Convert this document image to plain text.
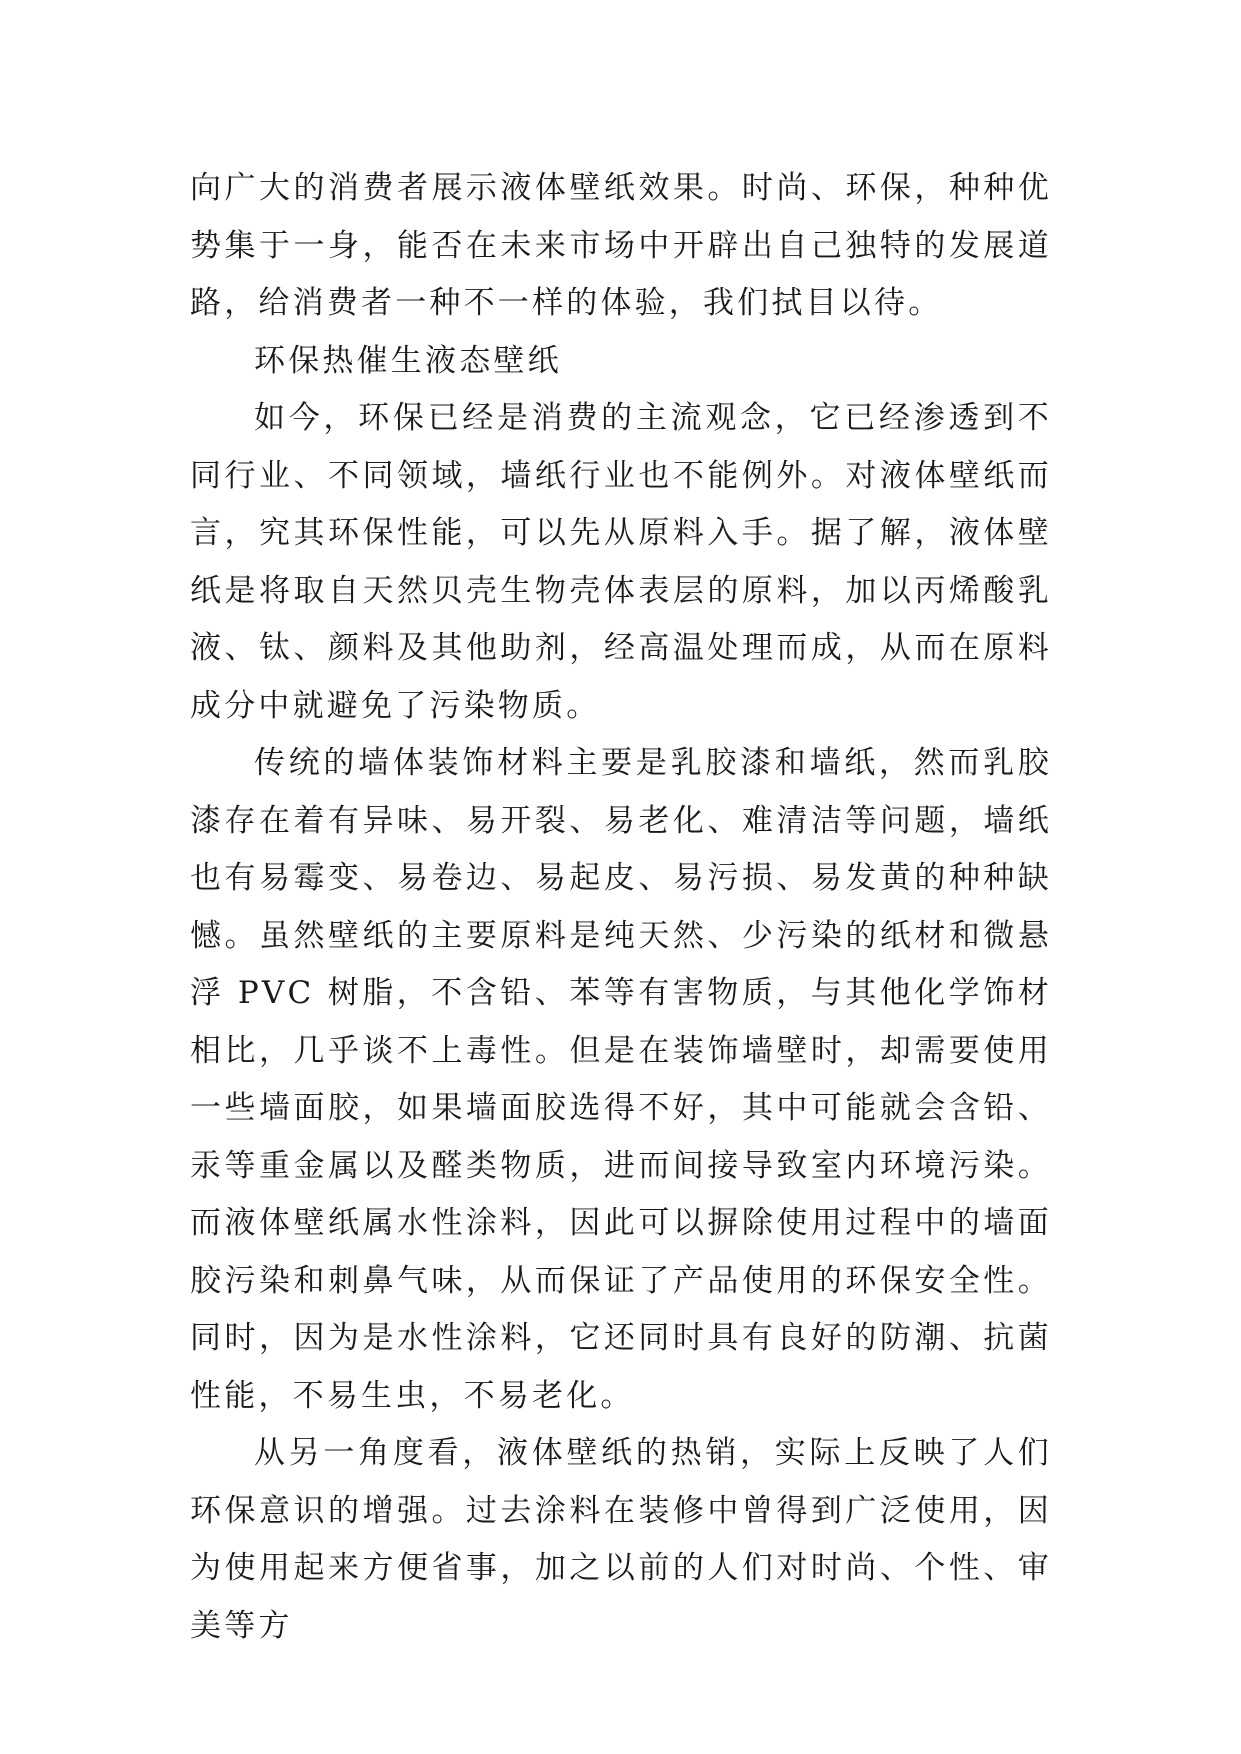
向广大的消费者展示液体壁纸效果。时尚、环保，种种优势集于一身，能否在未来市场中开辟出自己独特的发展道路，给消费者一种不一样的体验，我们拭目以待。

环保热催生液态壁纸

如今，环保已经是消费的主流观念，它已经渗透到不同行业、不同领域，墙纸行业也不能例外。对液体壁纸而言，究其环保性能，可以先从原料入手。据了解，液体壁纸是将取自天然贝壳生物壳体表层的原料，加以丙烯酸乳液、钛、颜料及其他助剂，经高温处理而成，从而在原料成分中就避免了污染物质。

传统的墙体装饰材料主要是乳胶漆和墙纸，然而乳胶漆存在着有异味、易开裂、易老化、难清洁等问题，墙纸也有易霉变、易卷边、易起皮、易污损、易发黄的种种缺憾。虽然壁纸的主要原料是纯天然、少污染的纸材和微悬浮 PVC 树脂，不含铅、苯等有害物质，与其他化学饰材相比，几乎谈不上毒性。但是在装饰墙壁时，却需要使用一些墙面胶，如果墙面胶选得不好，其中可能就会含铅、汞等重金属以及醛类物质，进而间接导致室内环境污染。而液体壁纸属水性涂料，因此可以摒除使用过程中的墙面胶污染和刺鼻气味，从而保证了产品使用的环保安全性。同时，因为是水性涂料，它还同时具有良好的防潮、抗菌性能，不易生虫，不易老化。

从另一角度看，液体壁纸的热销，实际上反映了人们环保意识的增强。过去涂料在装修中曾得到广泛使用，因为使用起来方便省事，加之以前的人们对时尚、个性、审美等方
